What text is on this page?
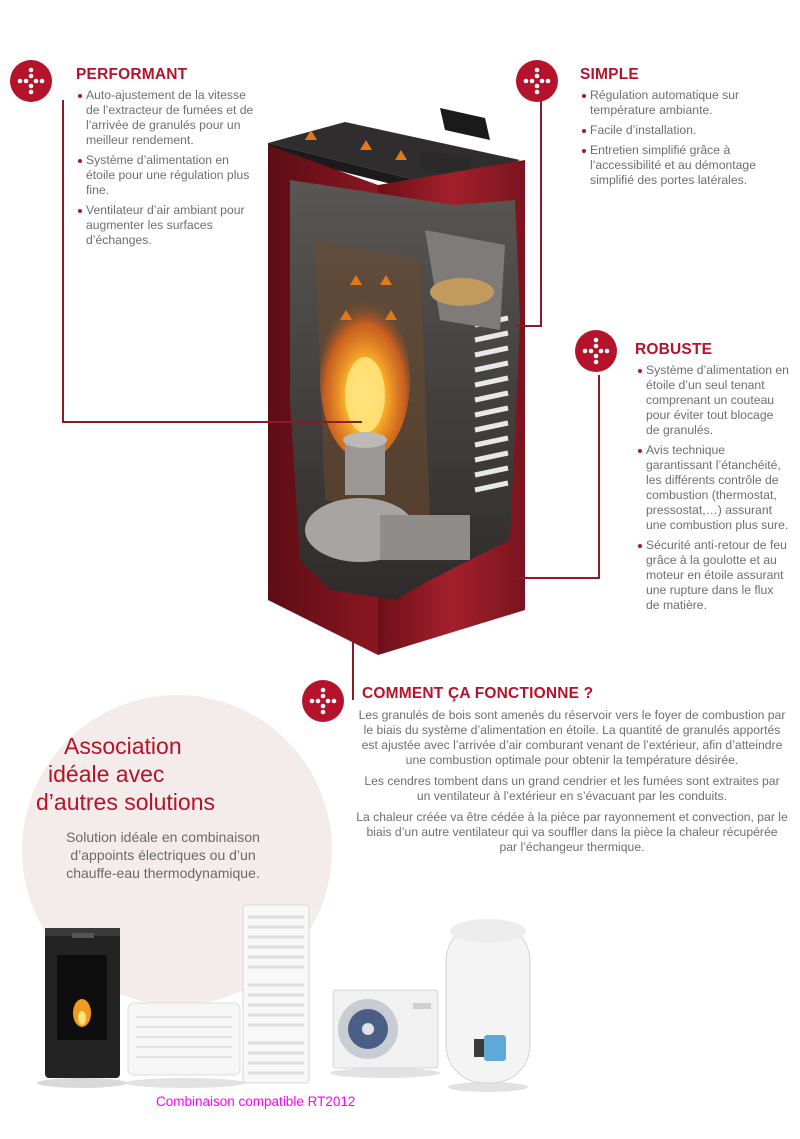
PERFORMANT
Auto-ajustement de la vitesse de l’extracteur de fumées et de l’arrivée de granulés pour un meilleur rendement.
Système d’alimentation en étoile pour une régulation plus fine.
Ventilateur d’air ambiant pour augmenter les surfaces d’échanges.
SIMPLE
Régulation automatique sur température ambiante.
Facile d’installation.
Entretien simplifié grâce à l’accessibilité et au démontage simplifié des portes latérales.
ROBUSTE
Système d’alimentation en étoile d’un seul tenant comprenant un couteau pour éviter tout blocage de granulés.
Avis technique garantissant l’étanchéité, les différents contrôle de combustion (thermostat, pressostat,…) assurant une combustion plus sure.
Sécurité anti-retour de feu grâce à la goulotte et au moteur en étoile assurant une rupture dans le flux de matière.
COMMENT ÇA FONCTIONNE ?

Les granulés de bois sont amenés du réservoir vers le foyer de combustion par le biais du système d’alimentation en étoile. La quantité de granulés apportés est ajustée avec l’arrivée d’air comburant venant de l’extérieur, afin d’atteindre une combustion optimale pour obtenir la température désirée.

Les cendres tombent dans un grand cendrier et les fumées sont extraites par un ventilateur à l’extérieur en s’évacuant par les conduits.

La chaleur créée va être cédée à la pièce par rayonnement et convection, par le biais d’un autre ventilateur qui va souffler dans la pièce la chaleur récupérée par l’échangeur thermique.

Association
idéale avec
d’autres solutions
Solution idéale en combinaison
d’appoints électriques ou d’un
chauffe-eau thermodynamique.
Combinaison compatible RT2012
